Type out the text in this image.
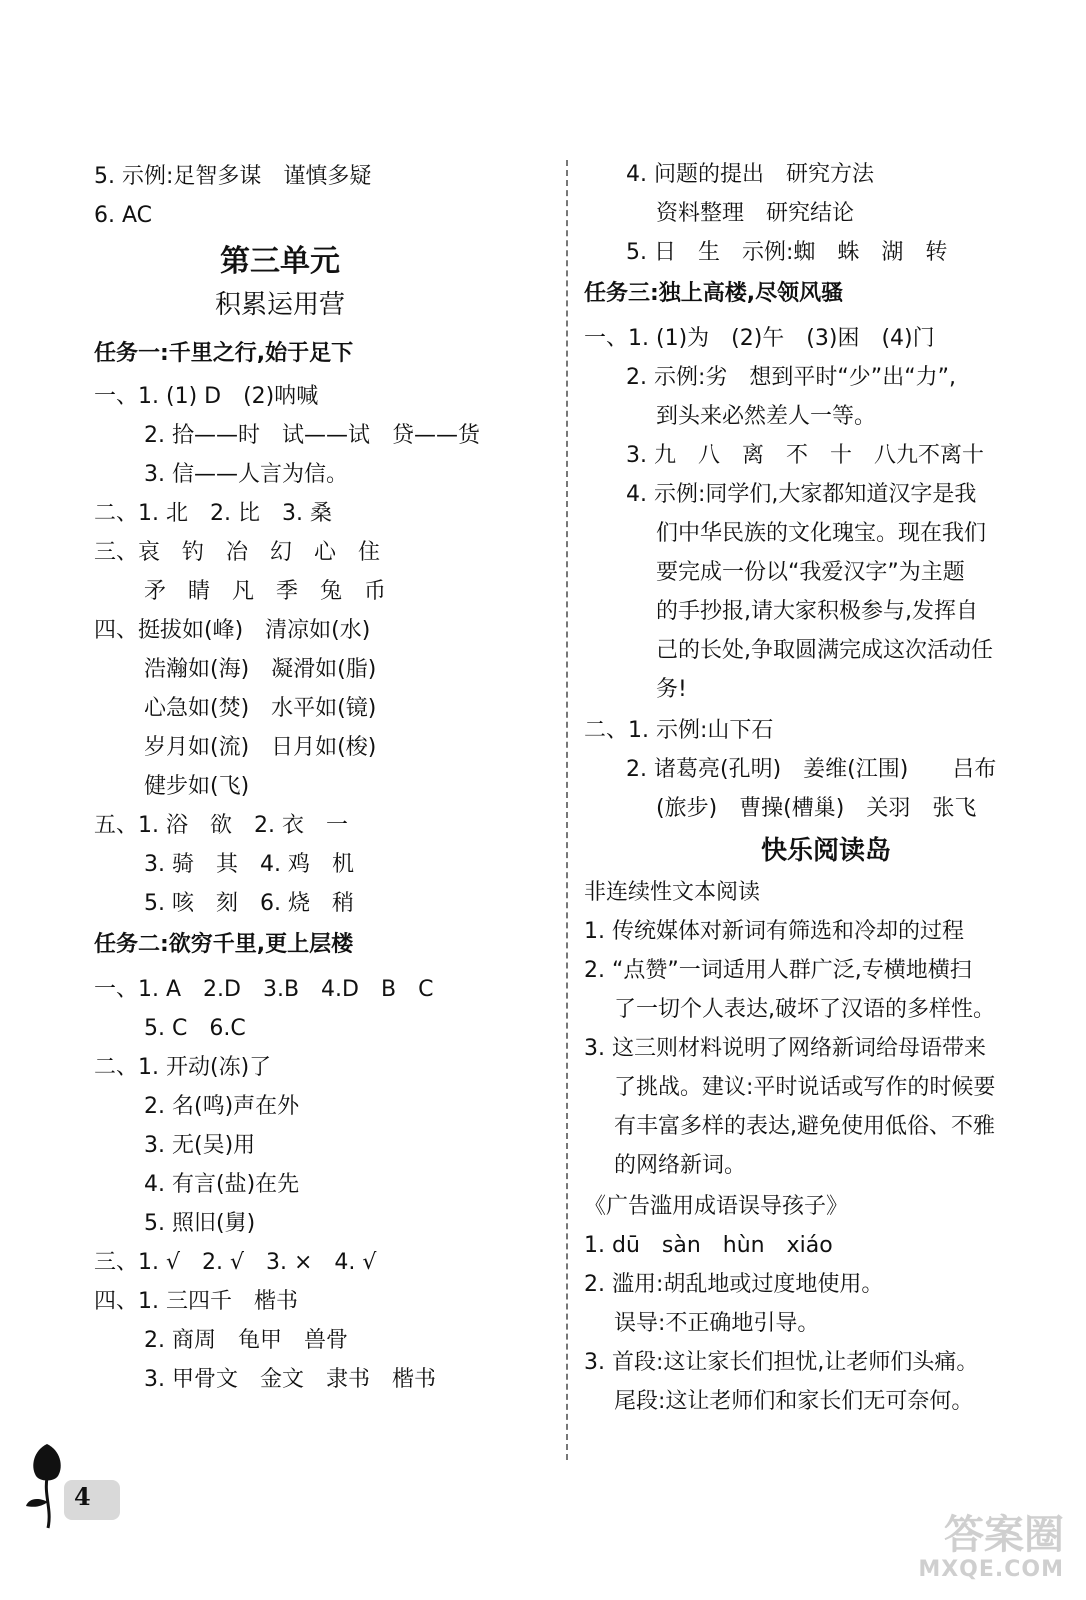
5. 示例:足智多谋　谨慎多疑
6. AC
第三单元
积累运用营
任务一:千里之行,始于足下
一、1. (1) D　(2)呐喊
2. 拾——时　试——试　贷——货
3. 信——人言为信。
二、1. 北　2. 比　3. 桑
三、哀　钓　冶　幻　心　住
矛　睛　凡　季　兔　币
四、挺拔如(峰)　清凉如(水)
浩瀚如(海)　凝滑如(脂)
心急如(焚)　水平如(镜)
岁月如(流)　日月如(梭)
健步如(飞)
五、1. 浴　欲　2. 衣　一
3. 骑　其　4. 鸡　机
5. 咳　刻　6. 烧　稍
任务二:欲穷千里,更上层楼
一、1. A　2.D　3.B　4.D　B　C
5. C　6.C
二、1. 开动(冻)了
2. 名(鸣)声在外
3. 无(吴)用
4. 有言(盐)在先
5. 照旧(舅)
三、1. √　2. √　3. ×　4. √
四、1. 三四千　楷书
2. 商周　龟甲　兽骨
3. 甲骨文　金文　隶书　楷书
4. 问题的提出　研究方法
资料整理　研究结论
5. 日　生　示例:蜘　蛛　湖　转
任务三:独上高楼,尽领风骚
一、1. (1)为　(2)午　(3)困　(4)门
2. 示例:劣　想到平时“少”出“力”,
到头来必然差人一等。
3. 九　八　离　不　十　八九不离十
4. 示例:同学们,大家都知道汉字是我
们中华民族的文化瑰宝。现在我们
要完成一份以“我爱汉字”为主题
的手抄报,请大家积极参与,发挥自
己的长处,争取圆满完成这次活动任
务!
二、1. 示例:山下石
2. 诸葛亮(孔明)　姜维(江围)　　吕布
(旅步)　曹操(槽巢)　关羽　张飞
快乐阅读岛
非连续性文本阅读
1. 传统媒体对新词有筛选和冷却的过程
2. “点赞”一词适用人群广泛,专横地横扫
了一切个人表达,破坏了汉语的多样性。
3. 这三则材料说明了网络新词给母语带来
了挑战。建议:平时说话或写作的时候要
有丰富多样的表达,避免使用低俗、不雅
的网络新词。
《广告滥用成语误导孩子》
1. dū　sàn　hùn　xiáo
2. 滥用:胡乱地或过度地使用。
误导:不正确地引导。
3. 首段:这让家长们担忧,让老师们头痛。
尾段:这让老师们和家长们无可奈何。
4
答案圈
MXQE.COM
